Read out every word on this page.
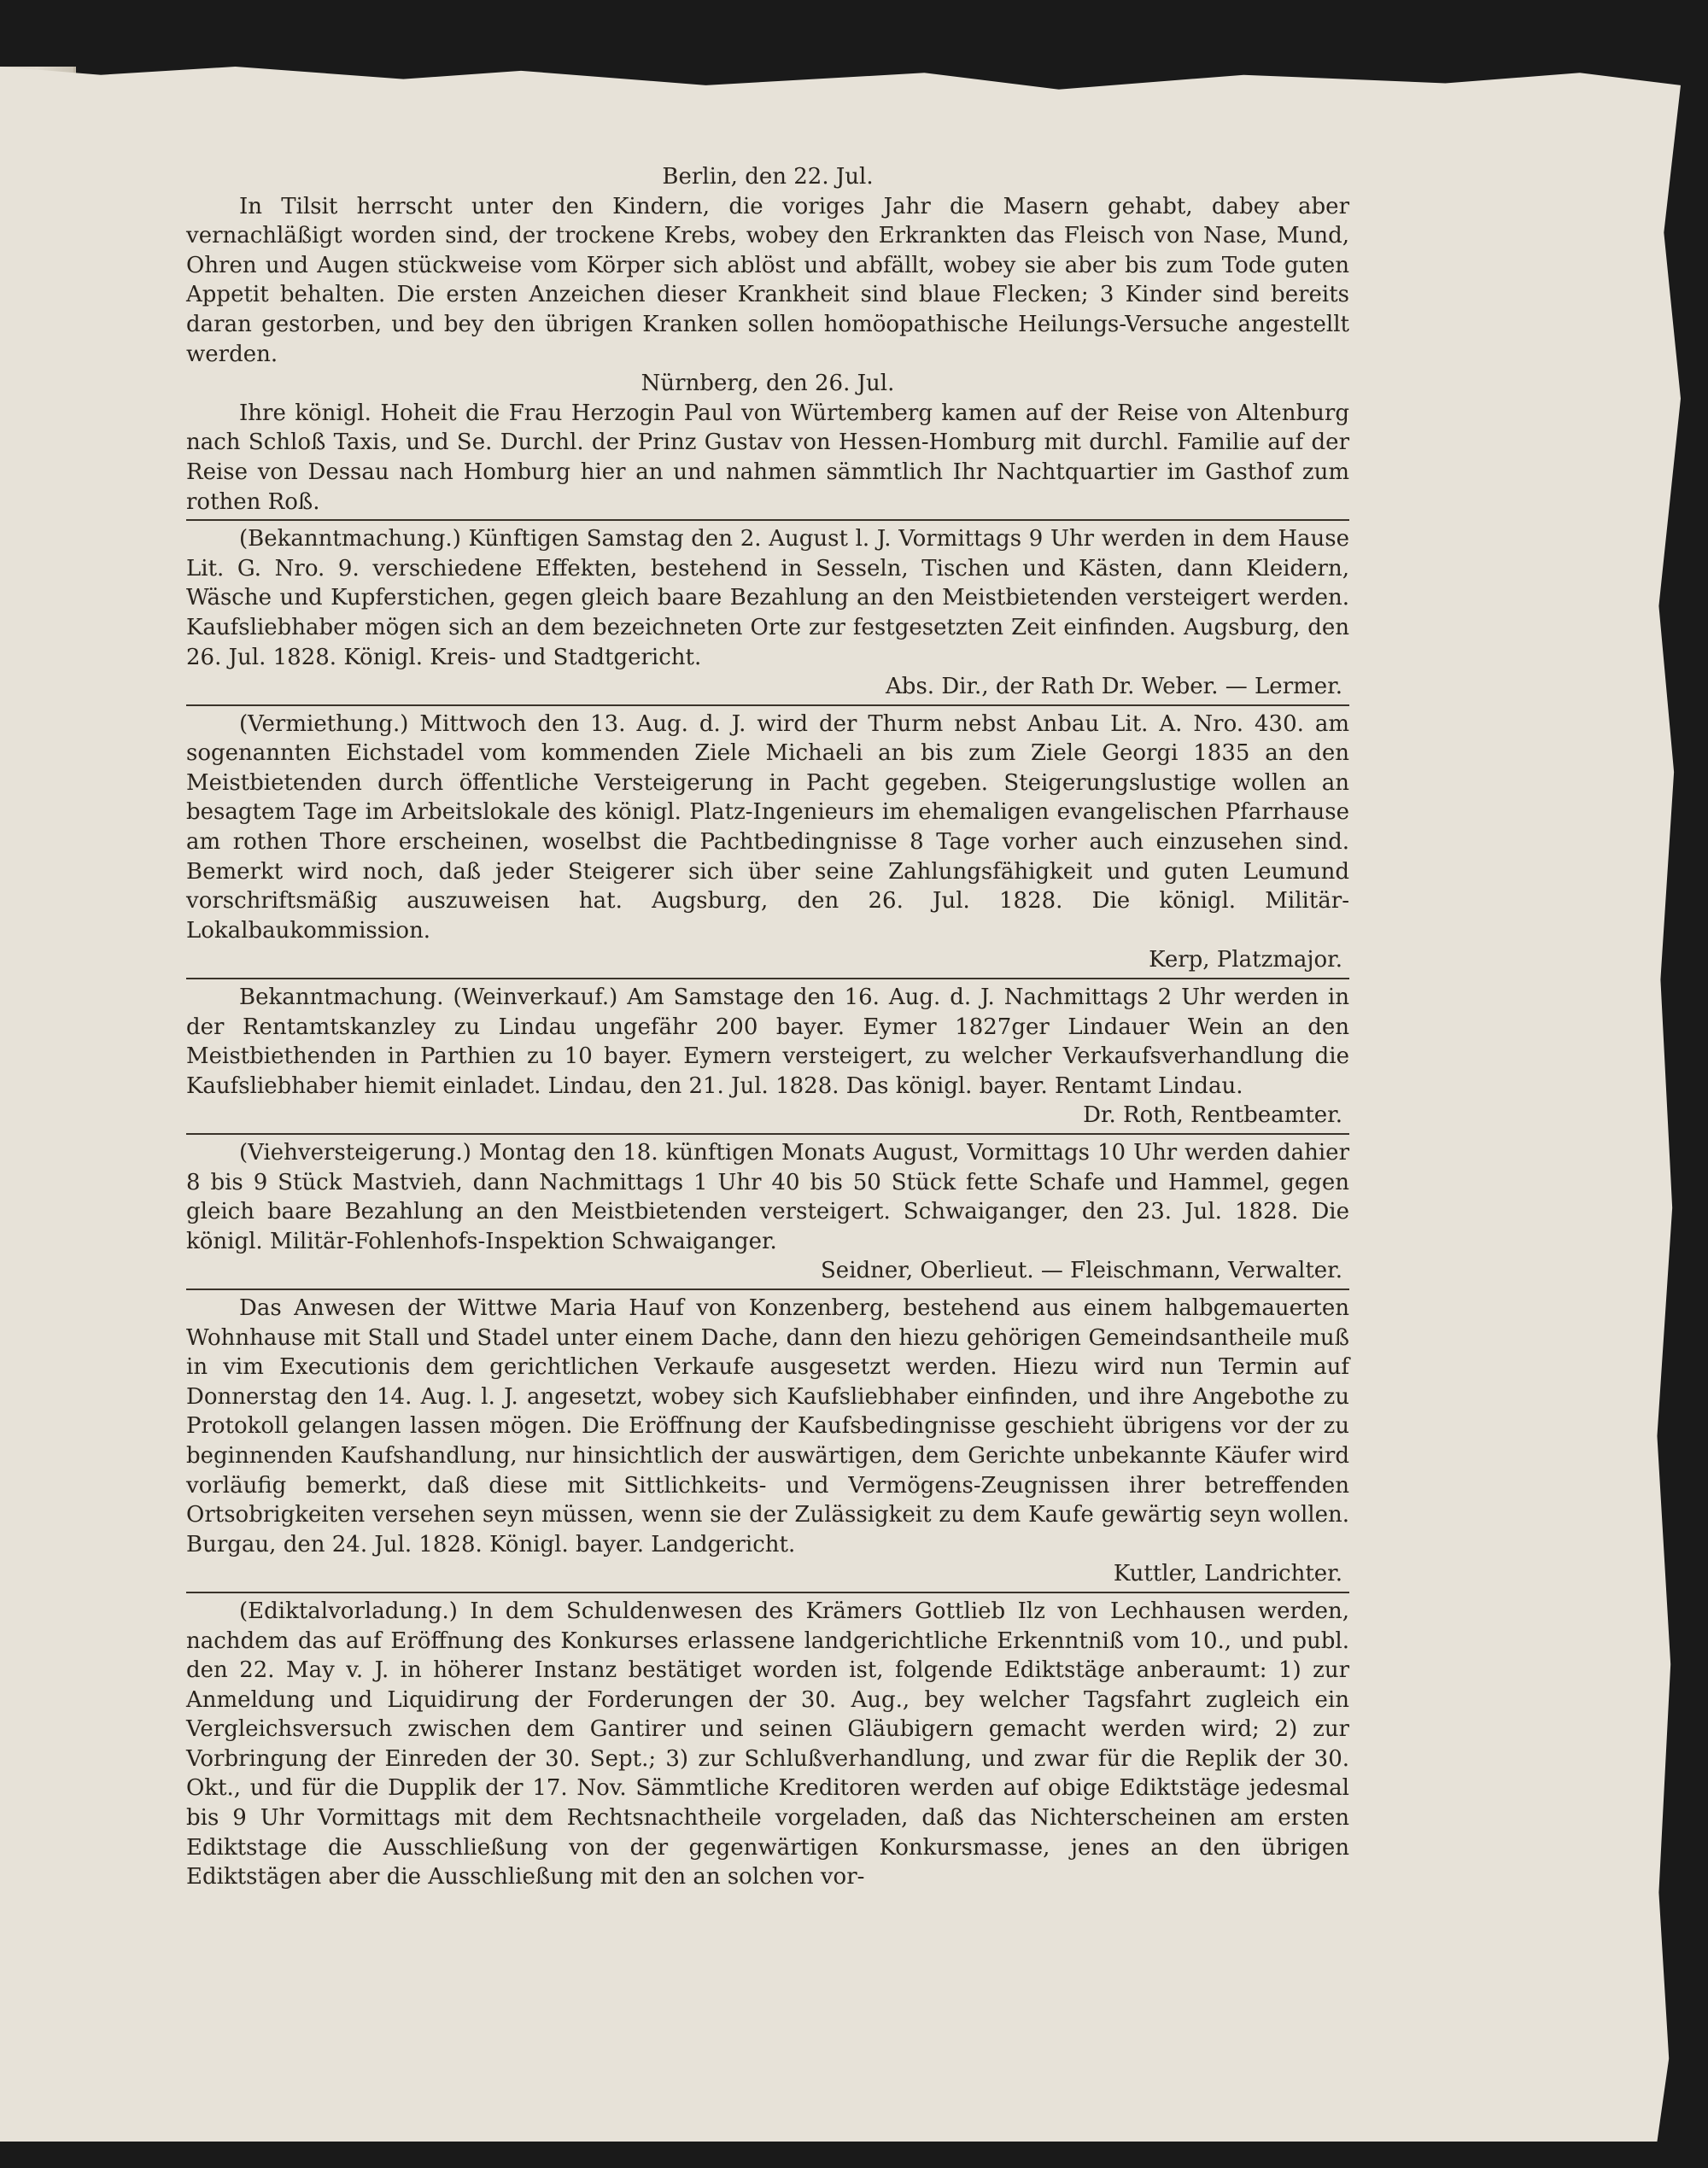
Berlin, den 22. Jul.

In Tilsit herrscht unter den Kindern, die voriges Jahr die Masern gehabt, dabey aber vernachläßigt worden sind, der trockene Krebs, wobey den Erkrankten das Fleisch von Nase, Mund, Ohren und Augen stückweise vom Körper sich ablöst und abfällt, wobey sie aber bis zum Tode guten Appetit behalten. Die ersten Anzeichen dieser Krankheit sind blaue Flecken; 3 Kinder sind bereits daran gestorben, und bey den übrigen Kranken sollen homöopathische Heilungs-Versuche angestellt werden.

Nürnberg, den 26. Jul.

Ihre königl. Hoheit die Frau Herzogin Paul von Würtemberg kamen auf der Reise von Altenburg nach Schloß Taxis, und Se. Durchl. der Prinz Gustav von Hessen-Homburg mit durchl. Familie auf der Reise von Dessau nach Homburg hier an und nahmen sämmtlich Ihr Nachtquartier im Gasthof zum rothen Roß.

(Bekanntmachung.) Künftigen Samstag den 2. August l. J. Vormittags 9 Uhr werden in dem Hause Lit. G. Nro. 9. verschiedene Effekten, bestehend in Sesseln, Tischen und Kästen, dann Kleidern, Wäsche und Kupferstichen, gegen gleich baare Bezahlung an den Meistbietenden versteigert werden. Kaufsliebhaber mögen sich an dem bezeichneten Orte zur festgesetzten Zeit einfinden. Augsburg, den 26. Jul. 1828. Königl. Kreis- und Stadtgericht.

Abs. Dir., der Rath Dr. Weber. — Lermer.

(Vermiethung.) Mittwoch den 13. Aug. d. J. wird der Thurm nebst Anbau Lit. A. Nro. 430. am sogenannten Eichstadel vom kommenden Ziele Michaeli an bis zum Ziele Georgi 1835 an den Meistbietenden durch öffentliche Versteigerung in Pacht gegeben. Steigerungslustige wollen an besagtem Tage im Arbeitslokale des königl. Platz-Ingenieurs im ehemaligen evangelischen Pfarrhause am rothen Thore erscheinen, woselbst die Pachtbedingnisse 8 Tage vorher auch einzusehen sind. Bemerkt wird noch, daß jeder Steigerer sich über seine Zahlungsfähigkeit und guten Leumund vorschriftsmäßig auszuweisen hat. Augsburg, den 26. Jul. 1828. Die königl. Militär-Lokalbaukommission.

Kerp, Platzmajor.

Bekanntmachung. (Weinverkauf.) Am Samstage den 16. Aug. d. J. Nachmittags 2 Uhr werden in der Rentamtskanzley zu Lindau ungefähr 200 bayer. Eymer 1827ger Lindauer Wein an den Meistbiethenden in Parthien zu 10 bayer. Eymern versteigert, zu welcher Verkaufsverhandlung die Kaufsliebhaber hiemit einladet. Lindau, den 21. Jul. 1828. Das königl. bayer. Rentamt Lindau.

Dr. Roth, Rentbeamter.

(Viehversteigerung.) Montag den 18. künftigen Monats August, Vormittags 10 Uhr werden dahier 8 bis 9 Stück Mastvieh, dann Nachmittags 1 Uhr 40 bis 50 Stück fette Schafe und Hammel, gegen gleich baare Bezahlung an den Meistbietenden versteigert. Schwaiganger, den 23. Jul. 1828. Die königl. Militär-Fohlenhofs-Inspektion Schwaiganger.

Seidner, Oberlieut. — Fleischmann, Verwalter.

Das Anwesen der Wittwe Maria Hauf von Konzenberg, bestehend aus einem halbgemauerten Wohnhause mit Stall und Stadel unter einem Dache, dann den hiezu gehörigen Gemeindsantheile muß in vim Executionis dem gerichtlichen Verkaufe ausgesetzt werden. Hiezu wird nun Termin auf Donnerstag den 14. Aug. l. J. angesetzt, wobey sich Kaufsliebhaber einfinden, und ihre Angebothe zu Protokoll gelangen lassen mögen. Die Eröffnung der Kaufsbedingnisse geschieht übrigens vor der zu beginnenden Kaufshandlung, nur hinsichtlich der auswärtigen, dem Gerichte unbekannte Käufer wird vorläufig bemerkt, daß diese mit Sittlichkeits- und Vermögens-Zeugnissen ihrer betreffenden Ortsobrigkeiten versehen seyn müssen, wenn sie der Zulässigkeit zu dem Kaufe gewärtig seyn wollen. Burgau, den 24. Jul. 1828. Königl. bayer. Landgericht.

Kuttler, Landrichter.

(Ediktalvorladung.) In dem Schuldenwesen des Krämers Gottlieb Ilz von Lechhausen werden, nachdem das auf Eröffnung des Konkurses erlassene landgerichtliche Erkenntniß vom 10., und publ. den 22. May v. J. in höherer Instanz bestätiget worden ist, folgende Ediktstäge anberaumt: 1) zur Anmeldung und Liquidirung der Forderungen der 30. Aug., bey welcher Tagsfahrt zugleich ein Vergleichsversuch zwischen dem Gantirer und seinen Gläubigern gemacht werden wird; 2) zur Vorbringung der Einreden der 30. Sept.; 3) zur Schlußverhandlung, und zwar für die Replik der 30. Okt., und für die Dupplik der 17. Nov. Sämmtliche Kreditoren werden auf obige Ediktstäge jedesmal bis 9 Uhr Vormittags mit dem Rechtsnachtheile vorgeladen, daß das Nichterscheinen am ersten Ediktstage die Ausschließung von der gegenwärtigen Konkursmasse, jenes an den übrigen Ediktstägen aber die Ausschließung mit den an solchen vor-
